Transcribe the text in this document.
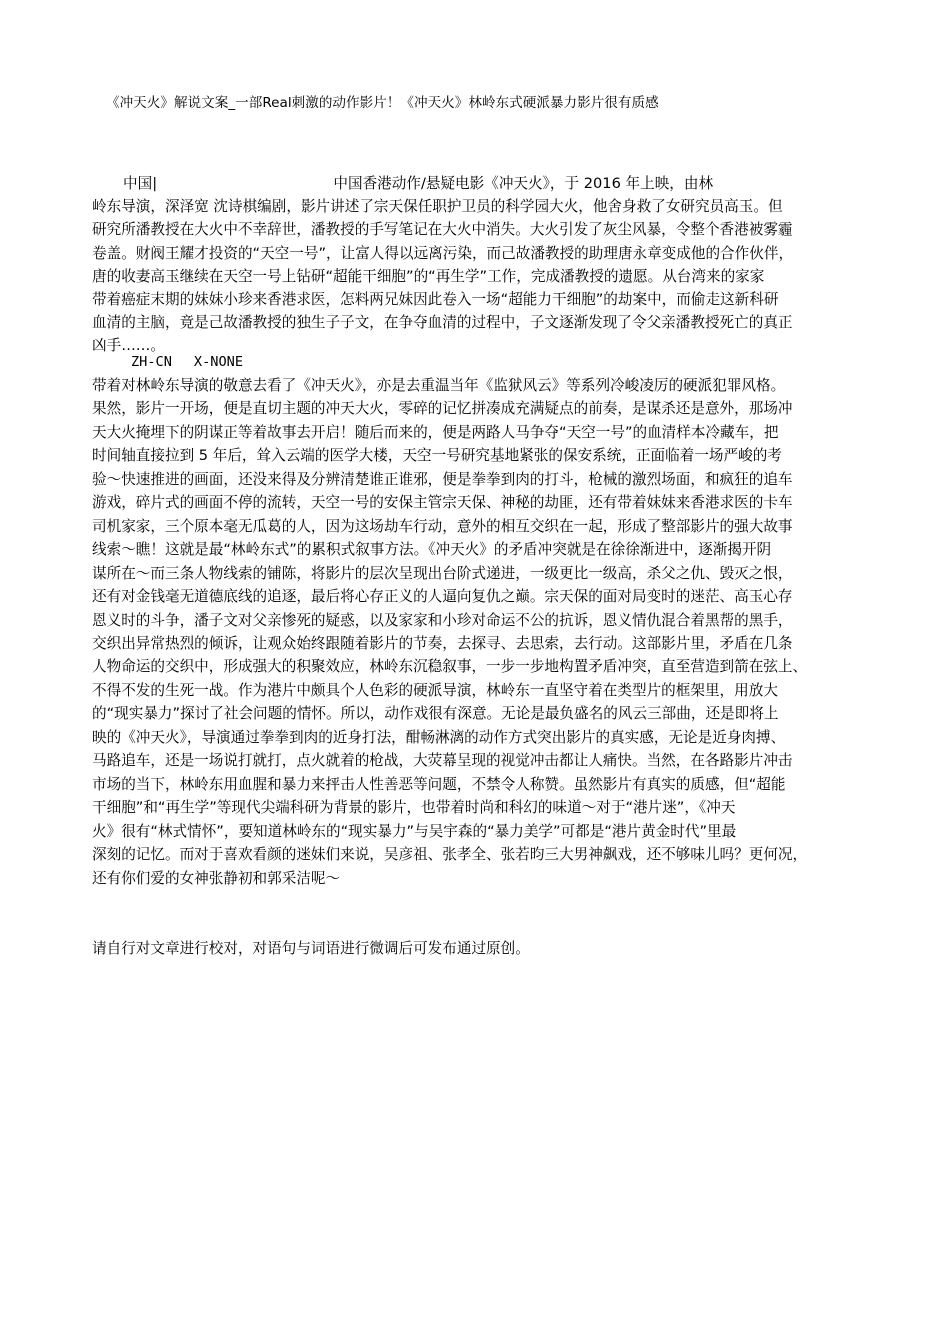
《冲天火》解说文案_一部Real刺激的动作影片！《冲天火》林岭东式硬派暴力影片很有质感
中国|                                      中国香港动作/悬疑电影《冲天火》，于 2016 年上映，由林
岭东导演，深泽宽 沈诗棋编剧，影片讲述了宗天保任职护卫员的科学园大火，他舍身救了女研究员高玉。但
研究所潘教授在大火中不幸辞世，潘教授的手写笔记在大火中消失。大火引发了灰尘风暴，令整个香港被雾霾
卷盖。财阀王耀才投资的“天空一号”，让富人得以远离污染，而己故潘教授的助理唐永章变成他的合作伙伴，
唐的收妻高玉继续在天空一号上钻研“超能干细胞”的“再生学”工作，完成潘教授的遗愿。从台湾来的家家
带着癌症末期的妹妹小珍来香港求医，怎料两兄妹因此卷入一场“超能力干细胞”的劫案中，而偷走这新科研
血清的主脑，竟是己故潘教授的独生子子文，在争夺血清的过程中，子文逐渐发现了令父亲潘教授死亡的真正
凶手……。
ZH-CN X-NONE
带着对林岭东导演的敬意去看了《冲天火》，亦是去重温当年《监狱风云》等系列冷峻凌厉的硬派犯罪风格。
果然，影片一开场，便是直切主题的冲天大火，零碎的记忆拼凑成充满疑点的前奏，是谋杀还是意外，那场冲
天大火掩埋下的阴谋正等着故事去开启！随后而来的，便是两路人马争夺“天空一号”的血清样本冷藏车，把
时间轴直接拉到 5 年后，耸入云端的医学大楼，天空一号研究基地紧张的保安系统，正面临着一场严峻的考
验～快速推进的画面，还没来得及分辨清楚谁正谁邪，便是拳拳到肉的打斗，枪械的激烈场面，和疯狂的追车
游戏，碎片式的画面不停的流转，天空一号的安保主管宗天保、神秘的劫匪，还有带着妹妹来香港求医的卡车
司机家家，三个原本毫无瓜葛的人，因为这场劫车行动，意外的相互交织在一起，形成了整部影片的强大故事
线索～瞧！这就是最“林岭东式”的累积式叙事方法。《冲天火》的矛盾冲突就是在徐徐渐进中，逐渐揭开阴
谋所在～而三条人物线索的铺陈，将影片的层次呈现出台阶式递进，一级更比一级高，杀父之仇、毁灭之恨，
还有对金钱毫无道德底线的追逐，最后将心存正义的人逼向复仇之巅。宗天保的面对局变时的迷茫、高玉心存
恩义时的斗争，潘子文对父亲惨死的疑惑，以及家家和小珍对命运不公的抗诉，恩义情仇混合着黑帮的黑手，
交织出异常热烈的倾诉，让观众始终跟随着影片的节奏，去探寻、去思索，去行动。这部影片里，矛盾在几条
人物命运的交织中，形成强大的积聚效应，林岭东沉稳叙事，一步一步地构置矛盾冲突，直至营造到箭在弦上、
不得不发的生死一战。作为港片中颇具个人色彩的硬派导演，林岭东一直坚守着在类型片的框架里，用放大
的“现实暴力”探讨了社会问题的情怀。所以，动作戏很有深意。无论是最负盛名的风云三部曲，还是即将上
映的《冲天火》，导演通过拳拳到肉的近身打法，酣畅淋漓的动作方式突出影片的真实感，无论是近身肉搏、
马路追车，还是一场说打就打，点火就着的枪战，大荧幕呈现的视觉冲击都让人痛快。当然，在各路影片冲击
市场的当下，林岭东用血腥和暴力来抨击人性善恶等问题，不禁令人称赞。虽然影片有真实的质感，但“超能
干细胞”和“再生学”等现代尖端科研为背景的影片，也带着时尚和科幻的味道～对于“港片迷”，《冲天
火》很有“林式情怀”，要知道林岭东的“现实暴力”与吴宇森的“暴力美学”可都是“港片黄金时代”里最
深刻的记忆。而对于喜欢看颜的迷妹们来说，吴彦祖、张孝全、张若昀三大男神飙戏，还不够味儿吗？更何况，
还有你们爱的女神张静初和郭采洁呢～
请自行对文章进行校对，对语句与词语进行微调后可发布通过原创。
